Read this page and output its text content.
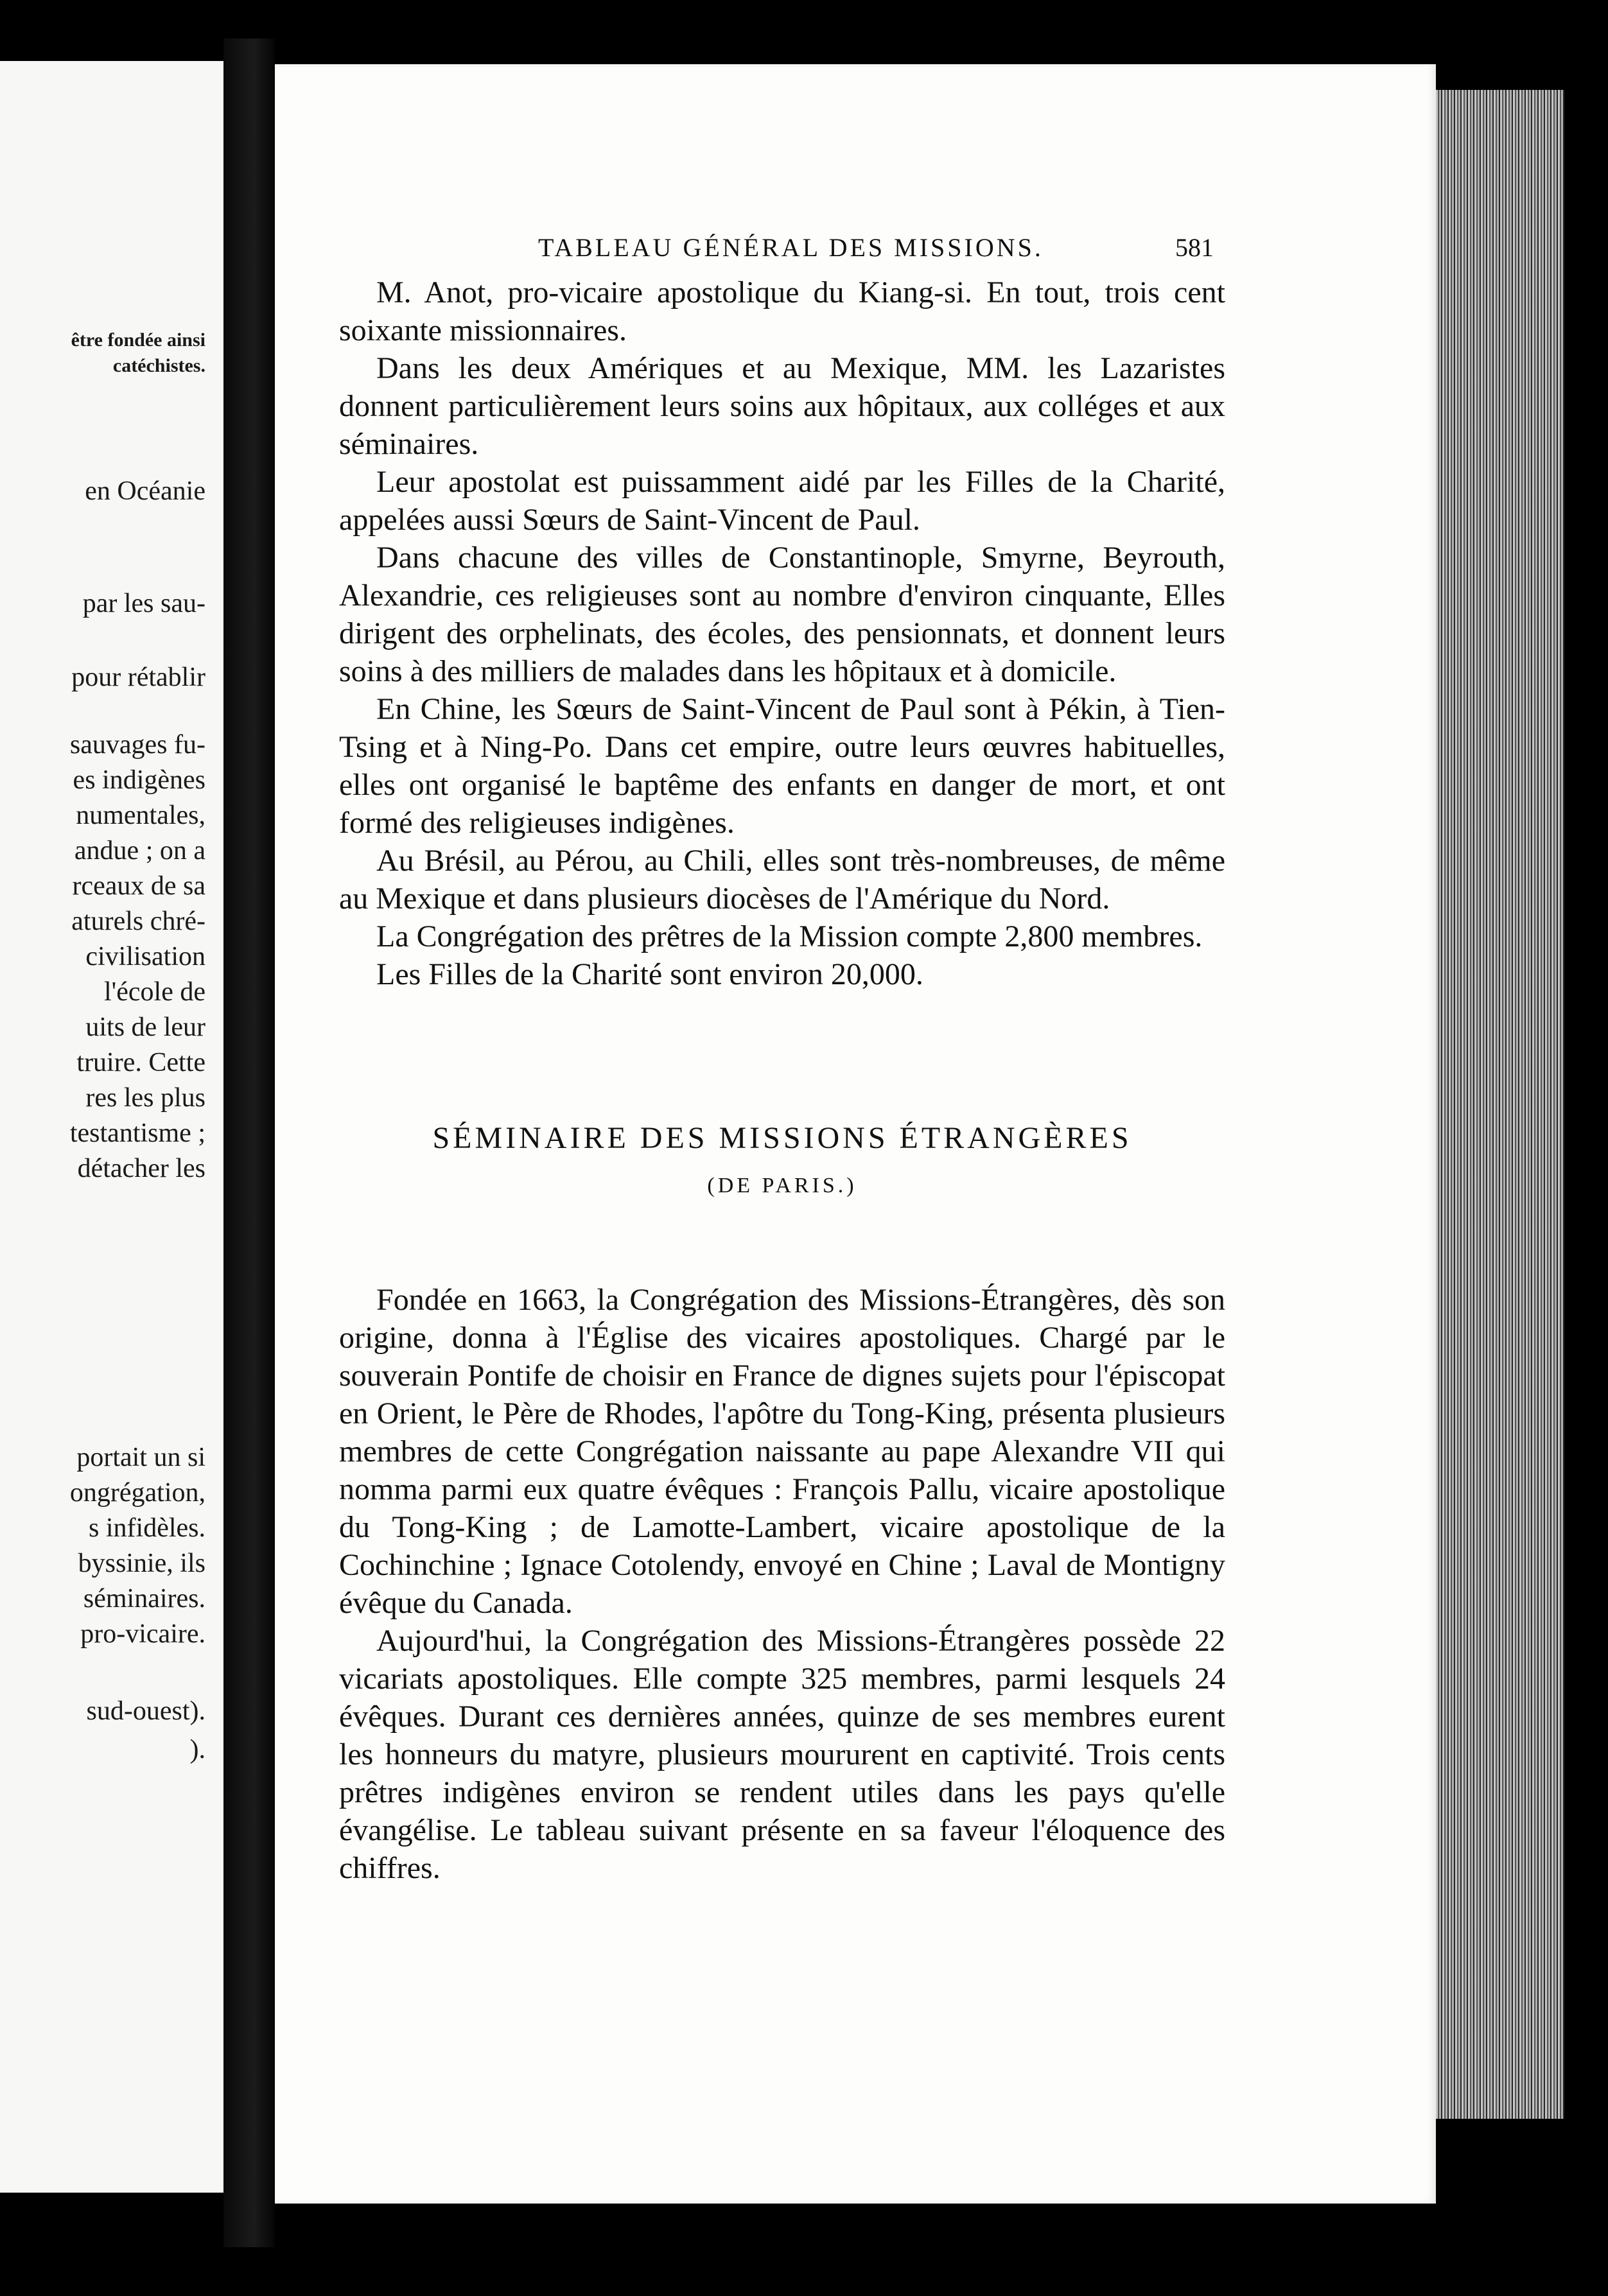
être fondée ainsi
catéchistes.
en Océanie
par les sau-
pour rétablir
sauvages fu-
es indigènes
numentales,
andue ; on a
rceaux de sa
aturels chré-
civilisation
l'école de
uits de leur
truire. Cette
res les plus
testantisme ;
détacher les
portait un si
ongrégation,
s infidèles.
byssinie, ils
séminaires.
pro-vicaire.
sud-ouest).
).
TABLEAU GÉNÉRAL DES MISSIONS.	581

M. Anot, pro-vicaire apostolique du Kiang-si. En tout, trois cent soixante missionnaires.

Dans les deux Amériques et au Mexique, MM. les Lazaristes donnent particulièrement leurs soins aux hôpitaux, aux colléges et aux séminaires.

Leur apostolat est puissamment aidé par les Filles de la Charité, appelées aussi Sœurs de Saint-Vincent de Paul.

Dans chacune des villes de Constantinople, Smyrne, Beyrouth, Alexandrie, ces religieuses sont au nombre d'environ cinquante, Elles dirigent des orphelinats, des écoles, des pensionnats, et donnent leurs soins à des milliers de malades dans les hôpitaux et à domicile.

En Chine, les Sœurs de Saint-Vincent de Paul sont à Pékin, à Tien-Tsing et à Ning-Po. Dans cet empire, outre leurs œuvres habituelles, elles ont organisé le baptême des enfants en danger de mort, et ont formé des religieuses indigènes.

Au Brésil, au Pérou, au Chili, elles sont très-nombreuses, de même au Mexique et dans plusieurs diocèses de l'Amérique du Nord.

La Congrégation des prêtres de la Mission compte 2,800 membres.

Les Filles de la Charité sont environ 20,000.

SÉMINAIRE DES MISSIONS ÉTRANGÈRES
(DE PARIS.)

Fondée en 1663, la Congrégation des Missions-Étrangères, dès son origine, donna à l'Église des vicaires apostoliques. Chargé par le souverain Pontife de choisir en France de dignes sujets pour l'épiscopat en Orient, le Père de Rhodes, l'apôtre du Tong-King, présenta plusieurs membres de cette Congrégation naissante au pape Alexandre VII qui nomma parmi eux quatre évêques : François Pallu, vicaire apostolique du Tong-King ; de Lamotte-Lambert, vicaire apostolique de la Cochinchine ; Ignace Cotolendy, envoyé en Chine ; Laval de Montigny évêque du Canada.

Aujourd'hui, la Congrégation des Missions-Étrangères possède 22 vicariats apostoliques. Elle compte 325 membres, parmi lesquels 24 évêques. Durant ces dernières années, quinze de ses membres eurent les honneurs du matyre, plusieurs moururent en captivité. Trois cents prêtres indigènes environ se rendent utiles dans les pays qu'elle évangélise. Le tableau suivant présente en sa faveur l'éloquence des chiffres.
